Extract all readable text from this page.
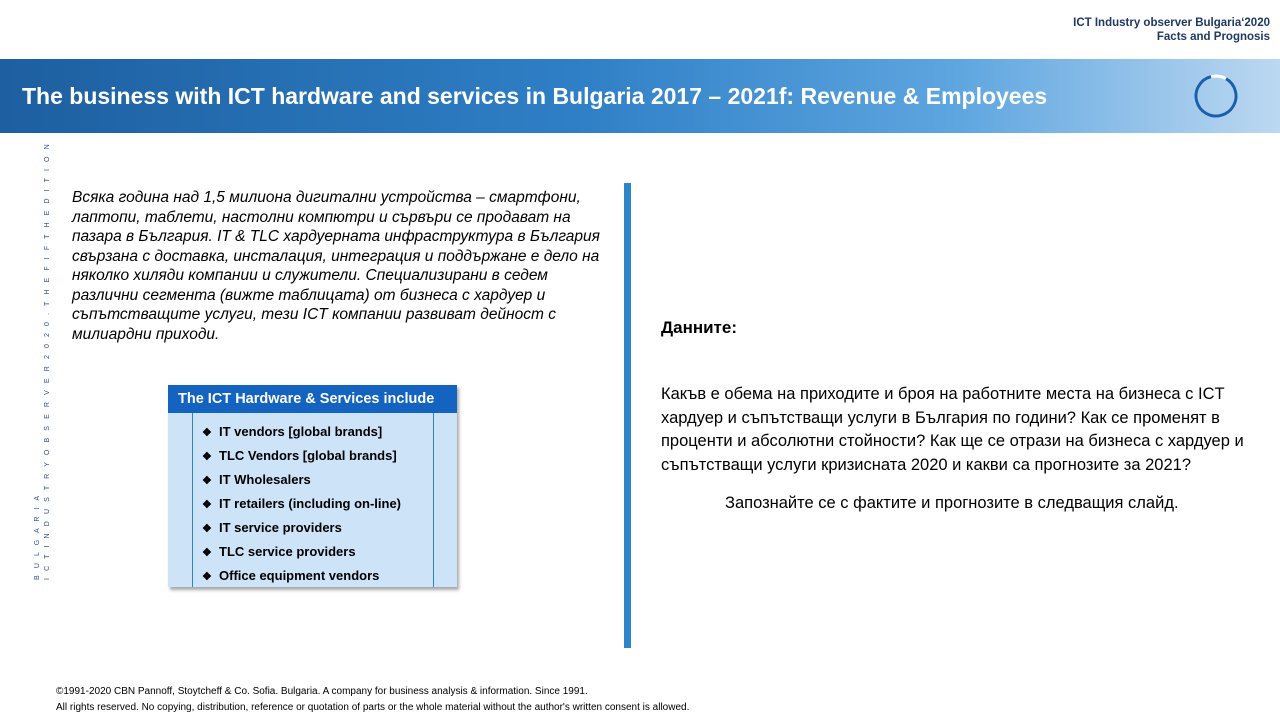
ICT Industry observer Bulgaria‘2020
Facts and Prognosis
The business with ICT hardware and services in Bulgaria 2017 – 2021f: Revenue & Employees
B U L G A R I A I C T I N D U S T R Y O B S E R V E R 2 0 2 0 . T H E F I F T H E D I T I O N Всяка година над 1,5 милиона дигитални устройства – смартфони, лаптопи, таблети, настолни компютри и сървъри се продават на пазара в България. IT & TLC хардуерната инфраструктура в България свързана с доставка, инсталация, интеграция и поддържане е дело на няколко хиляди компании и служители. Специализирани в седем различни сегмента (вижте таблицата) от бизнеса с хардуер и съпътстващите услуги, тези ICT компании развиват дейност с милиардни приходи.
The ICT Hardware & Services include
❖ IT vendors [global brands]
❖ TLC Vendors [global brands]
❖ IT Wholesalers
❖ IT retailers (including on-line)
❖ IT service providers
❖ TLC service providers
❖ Office equipment vendors
Данните:
Какъв е обема на приходите и броя на работните места на бизнеса с ICT хардуер и съпътстващи услуги в България по години? Как се променят в проценти и абсолютни стойности? Как ще се отрази на бизнеса с хардуер и съпътстващи услуги кризисната 2020 и какви са прогнозите за 2021?
Запознайте се с фактите и прогнозите в следващия слайд.
©1991-2020 CBN Pannoff, Stoytcheff & Co. Sofia. Bulgaria. A company for business analysis & information. Since 1991.
All rights reserved. No copying, distribution, reference or quotation of parts or the whole material without the author's written consent is allowed.
